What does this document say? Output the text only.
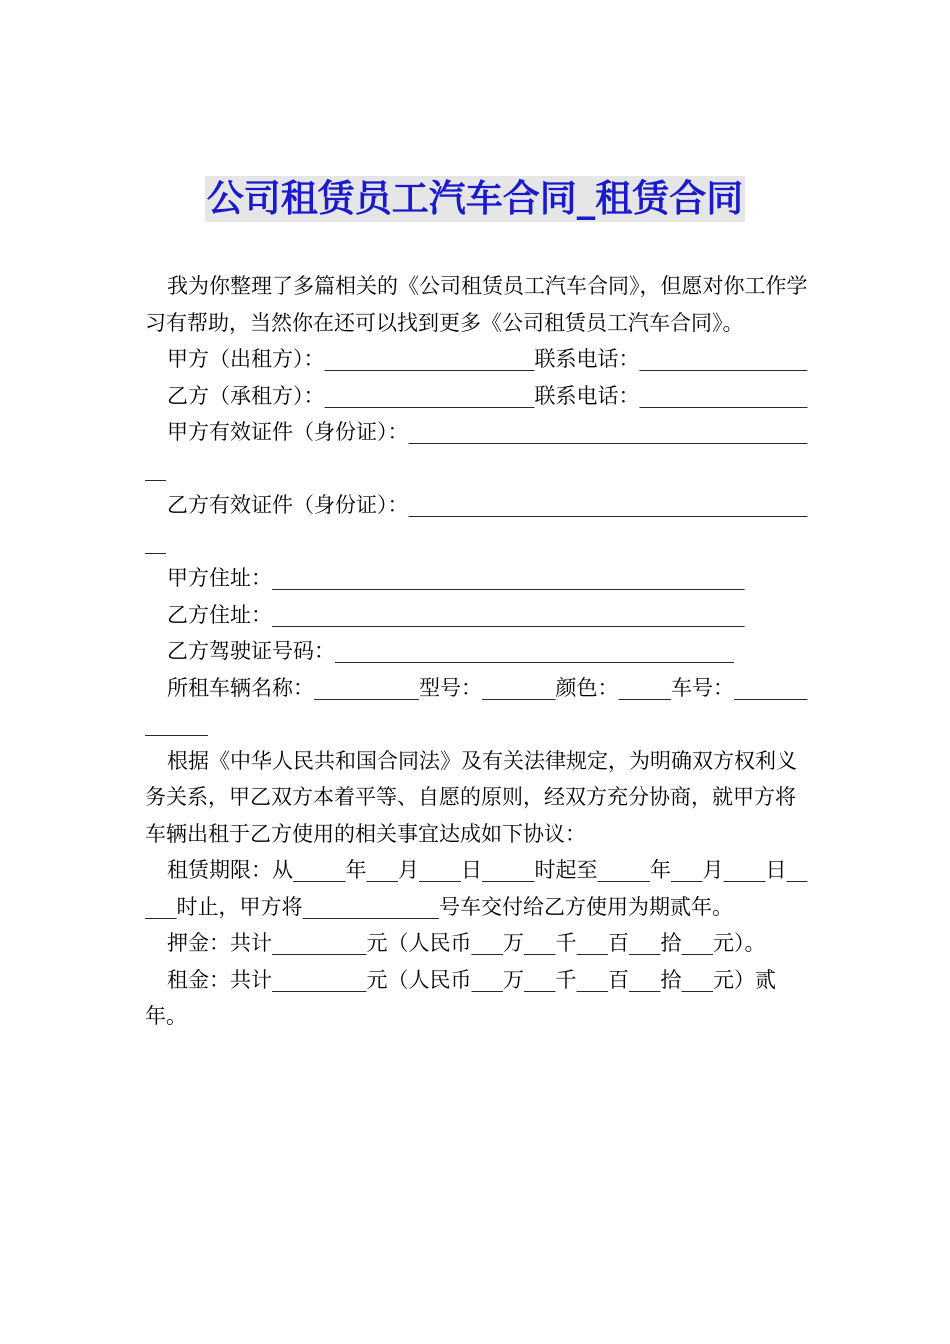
公司租赁员工汽车合同_租赁合同

我为你整理了多篇相关的《公司租赁员工汽车合同》，但愿对你工作学习有帮助，当然你在还可以找到更多《公司租赁员工汽车合同》。

甲方（出租方）：____________________联系电话：________________

乙方（承租方）：____________________联系电话：________________

甲方有效证件（身份证）：________________________________________

乙方有效证件（身份证）：________________________________________

甲方住址：_____________________________________________

乙方住址：_____________________________________________

乙方驾驶证号码：______________________________________

所租车辆名称：__________型号：_______颜色：_____车号：_____________

根据《中华人民共和国合同法》及有关法律规定，为明确双方权利义务关系，甲乙双方本着平等、自愿的原则，经双方充分协商，就甲方将车辆出租于乙方使用的相关事宜达成如下协议：

租赁期限：从_____年___月____日_____时起至_____年___月____日_____时止，甲方将_____________号车交付给乙方使用为期贰年。

押金：共计_________元（人民币___万___千___百___拾___元）。

租金：共计_________元（人民币___万___千___百___拾___元）贰年。
